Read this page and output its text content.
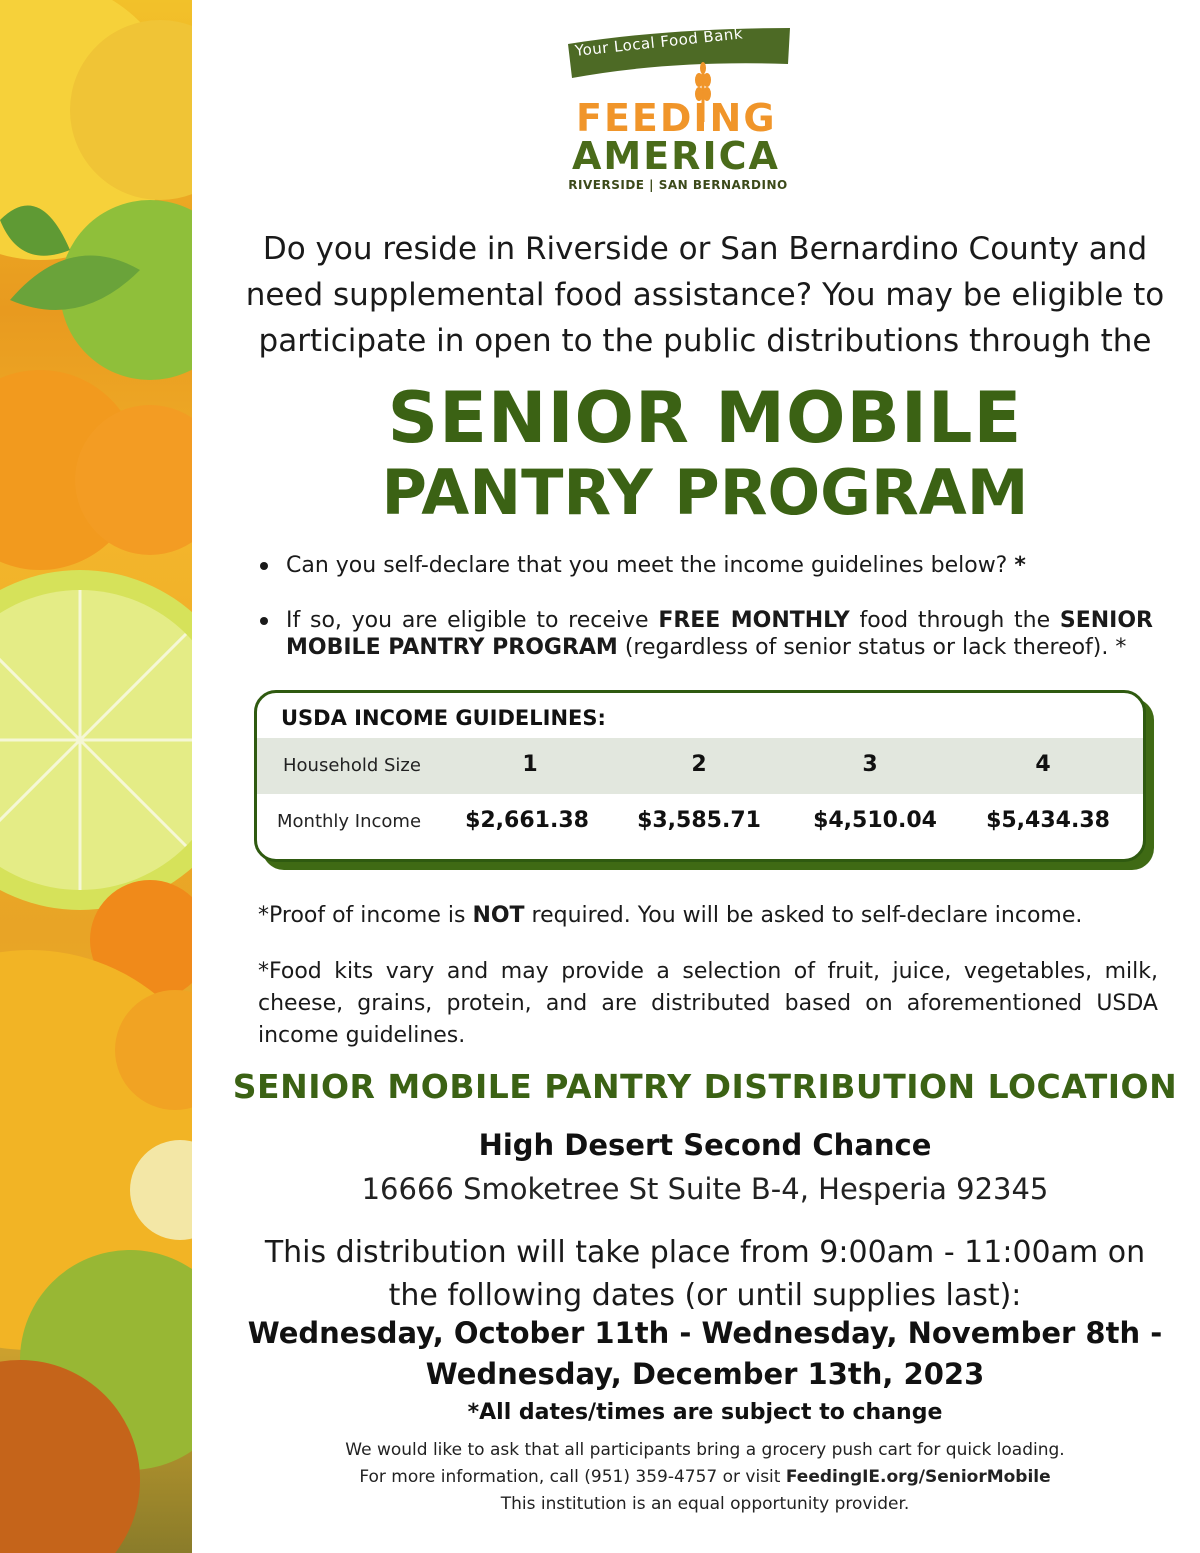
Your Local Food Bank
FEEDING
AMERICA
RIVERSIDE | SAN BERNARDINO
Do you reside in Riverside or San Bernardino County and need supplemental food assistance? You may be eligible to participate in open to the public distributions through the
SENIOR MOBILE
PANTRY PROGRAM
Can you self-declare that you meet the income guidelines below? *
If so, you are eligible to receive FREE MONTHLY food through the SENIOR MOBILE PANTRY PROGRAM (regardless of senior status or lack thereof). *
USDA INCOME GUIDELINES:
Household Size	1	2	3	4
Monthly Income	$2,661.38	$3,585.71	$4,510.04	$5,434.38
*Proof of income is NOT required. You will be asked to self-declare income.
*Food kits vary and may provide a selection of fruit, juice, vegetables, milk, cheese, grains, protein, and are distributed based on aforementioned USDA income guidelines.
SENIOR MOBILE PANTRY DISTRIBUTION LOCATION
High Desert Second Chance
16666 Smoketree St Suite B-4, Hesperia 92345
This distribution will take place from 9:00am - 11:00am on
the following dates (or until supplies last):
Wednesday, October 11th - Wednesday, November 8th -
Wednesday, December 13th, 2023
*All dates/times are subject to change
We would like to ask that all participants bring a grocery push cart for quick loading.
For more information, call (951) 359-4757 or visit FeedingIE.org/SeniorMobile
This institution is an equal opportunity provider.
